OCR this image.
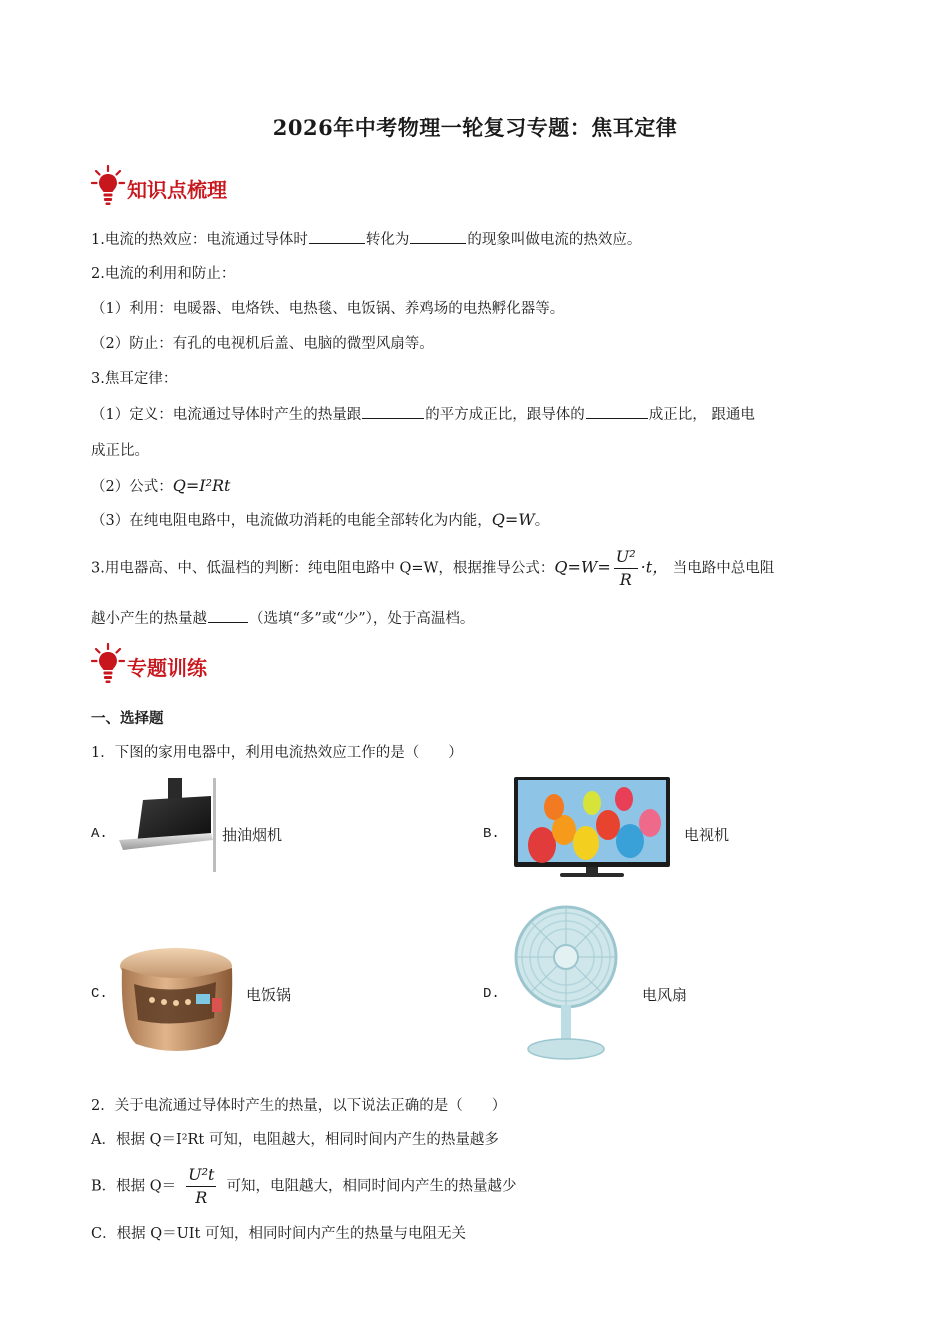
2026年中考物理一轮复习专题：焦耳定律
知识点梳理
1.电流的热效应：电流通过导体时	转化为	的现象叫做电流的热效应。
2.电流的利用和防止：
（1）利用：电暖器、电烙铁、电热毯、电饭锅、养鸡场的电热孵化器等。
（2）防止：有孔的电视机后盖、电脑的微型风扇等。
3.焦耳定律：
（1）定义：电流通过导体时产生的热量跟	的平方成正比，跟导体的	成正比， 跟通电
成正比。
（2）公式：Q=I²Rt
（3）在纯电阻电路中，电流做功消耗的电能全部转化为内能，Q=W。
3.用电器高、中、低温档的判断：纯电阻电路中 Q=W，根据推导公式：$Q=W= \frac{\text{U²}}{R} \cdot t$， 当电路中总电阻
越小产生的热量越	（选填“多”或“少”），处于高温档。
专题训练
一、选择题
1．下图的家用电器中，利用电流热效应工作的是（　　）
A.	抽油烟机	B.	电视机
C.	电饭锅	D.	电风扇
2．关于电流通过导体时产生的热量，以下说法正确的是（　　）
A．根据 Q＝I²Rt 可知，电阻越大，相同时间内产生的热量越多
B．根据 $Q= \frac{\text{U²t}}{R}$ 可知，电阻越大，相同时间内产生的热量越少
C．根据 Q＝UIt 可知，相同时间内产生的热量与电阻无关
